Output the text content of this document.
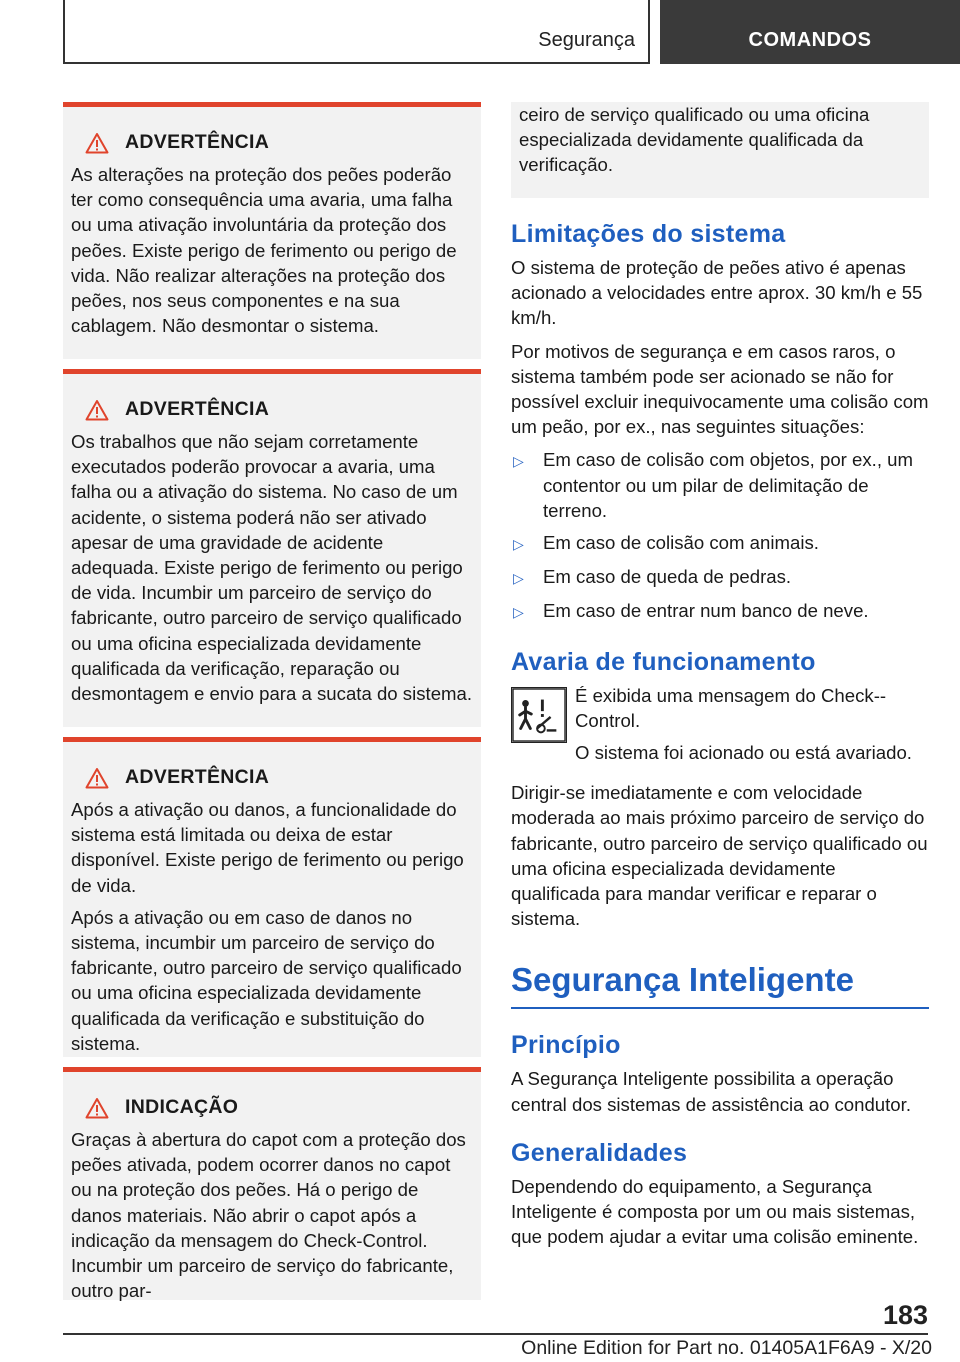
Segurança	COMANDOS
ADVERTÊNCIA

As alterações na proteção dos peões poderão ter como consequência uma avaria, uma falha ou uma ativação involuntária da proteção dos peões. Existe perigo de ferimento ou perigo de vida. Não realizar alterações na proteção dos peões, nos seus componentes e na sua cablagem. Não desmontar o sistema.

ADVERTÊNCIA

Os trabalhos que não sejam corretamente executados poderão provocar a avaria, uma falha ou a ativação do sistema. No caso de um acidente, o sistema poderá não ser ativado apesar de uma gravidade de acidente adequada. Existe perigo de ferimento ou perigo de vida. Incumbir um parceiro de serviço do fabricante, outro parceiro de serviço qualificado ou uma oficina especializada devidamente qualificada da verificação, reparação ou desmontagem e envio para a sucata do sistema.

ADVERTÊNCIA

Após a ativação ou danos, a funcionalidade do sistema está limitada ou deixa de estar disponível. Existe perigo de ferimento ou perigo de vida.

Após a ativação ou em caso de danos no sistema, incumbir um parceiro de serviço do fabricante, outro parceiro de serviço qualificado ou uma oficina especializada devidamente qualificada da verificação e substituição do sistema.

INDICAÇÃO

Graças à abertura do capot com a proteção dos peões ativada, podem ocorrer danos no capot ou na proteção dos peões. Há o perigo de danos materiais. Não abrir o capot após a indicação da mensagem do Check-Control. Incumbir um parceiro de serviço do fabricante, outro par-

ceiro de serviço qualificado ou uma oficina especializada devidamente qualificada da verificação.

Limitações do sistema

O sistema de proteção de peões ativo é apenas acionado a velocidades entre aprox. 30 km/h e 55 km/h.

Por motivos de segurança e em casos raros, o sistema também pode ser acionado se não for possível excluir inequivocamente uma colisão com um peão, por ex., nas seguintes situações:

▷	Em caso de colisão com objetos, por ex., um contentor ou um pilar de delimitação de terreno.
▷	Em caso de colisão com animais.
▷	Em caso de queda de pedras.
▷	Em caso de entrar num banco de neve.
Avaria de funcionamento

É exibida uma mensagem do Check--Control.

O sistema foi acionado ou está avariado.

Dirigir-se imediatamente e com velocidade moderada ao mais próximo parceiro de serviço do fabricante, outro parceiro de serviço qualificado ou uma oficina especializada devidamente qualificada para mandar verificar e reparar o sistema.

Segurança Inteligente
Princípio

A Segurança Inteligente possibilita a operação central dos sistemas de assistência ao condutor.

Generalidades

Dependendo do equipamento, a Segurança Inteligente é composta por um ou mais sistemas, que podem ajudar a evitar uma colisão eminente.

183
Online Edition for Part no. 01405A1F6A9 - X/20
